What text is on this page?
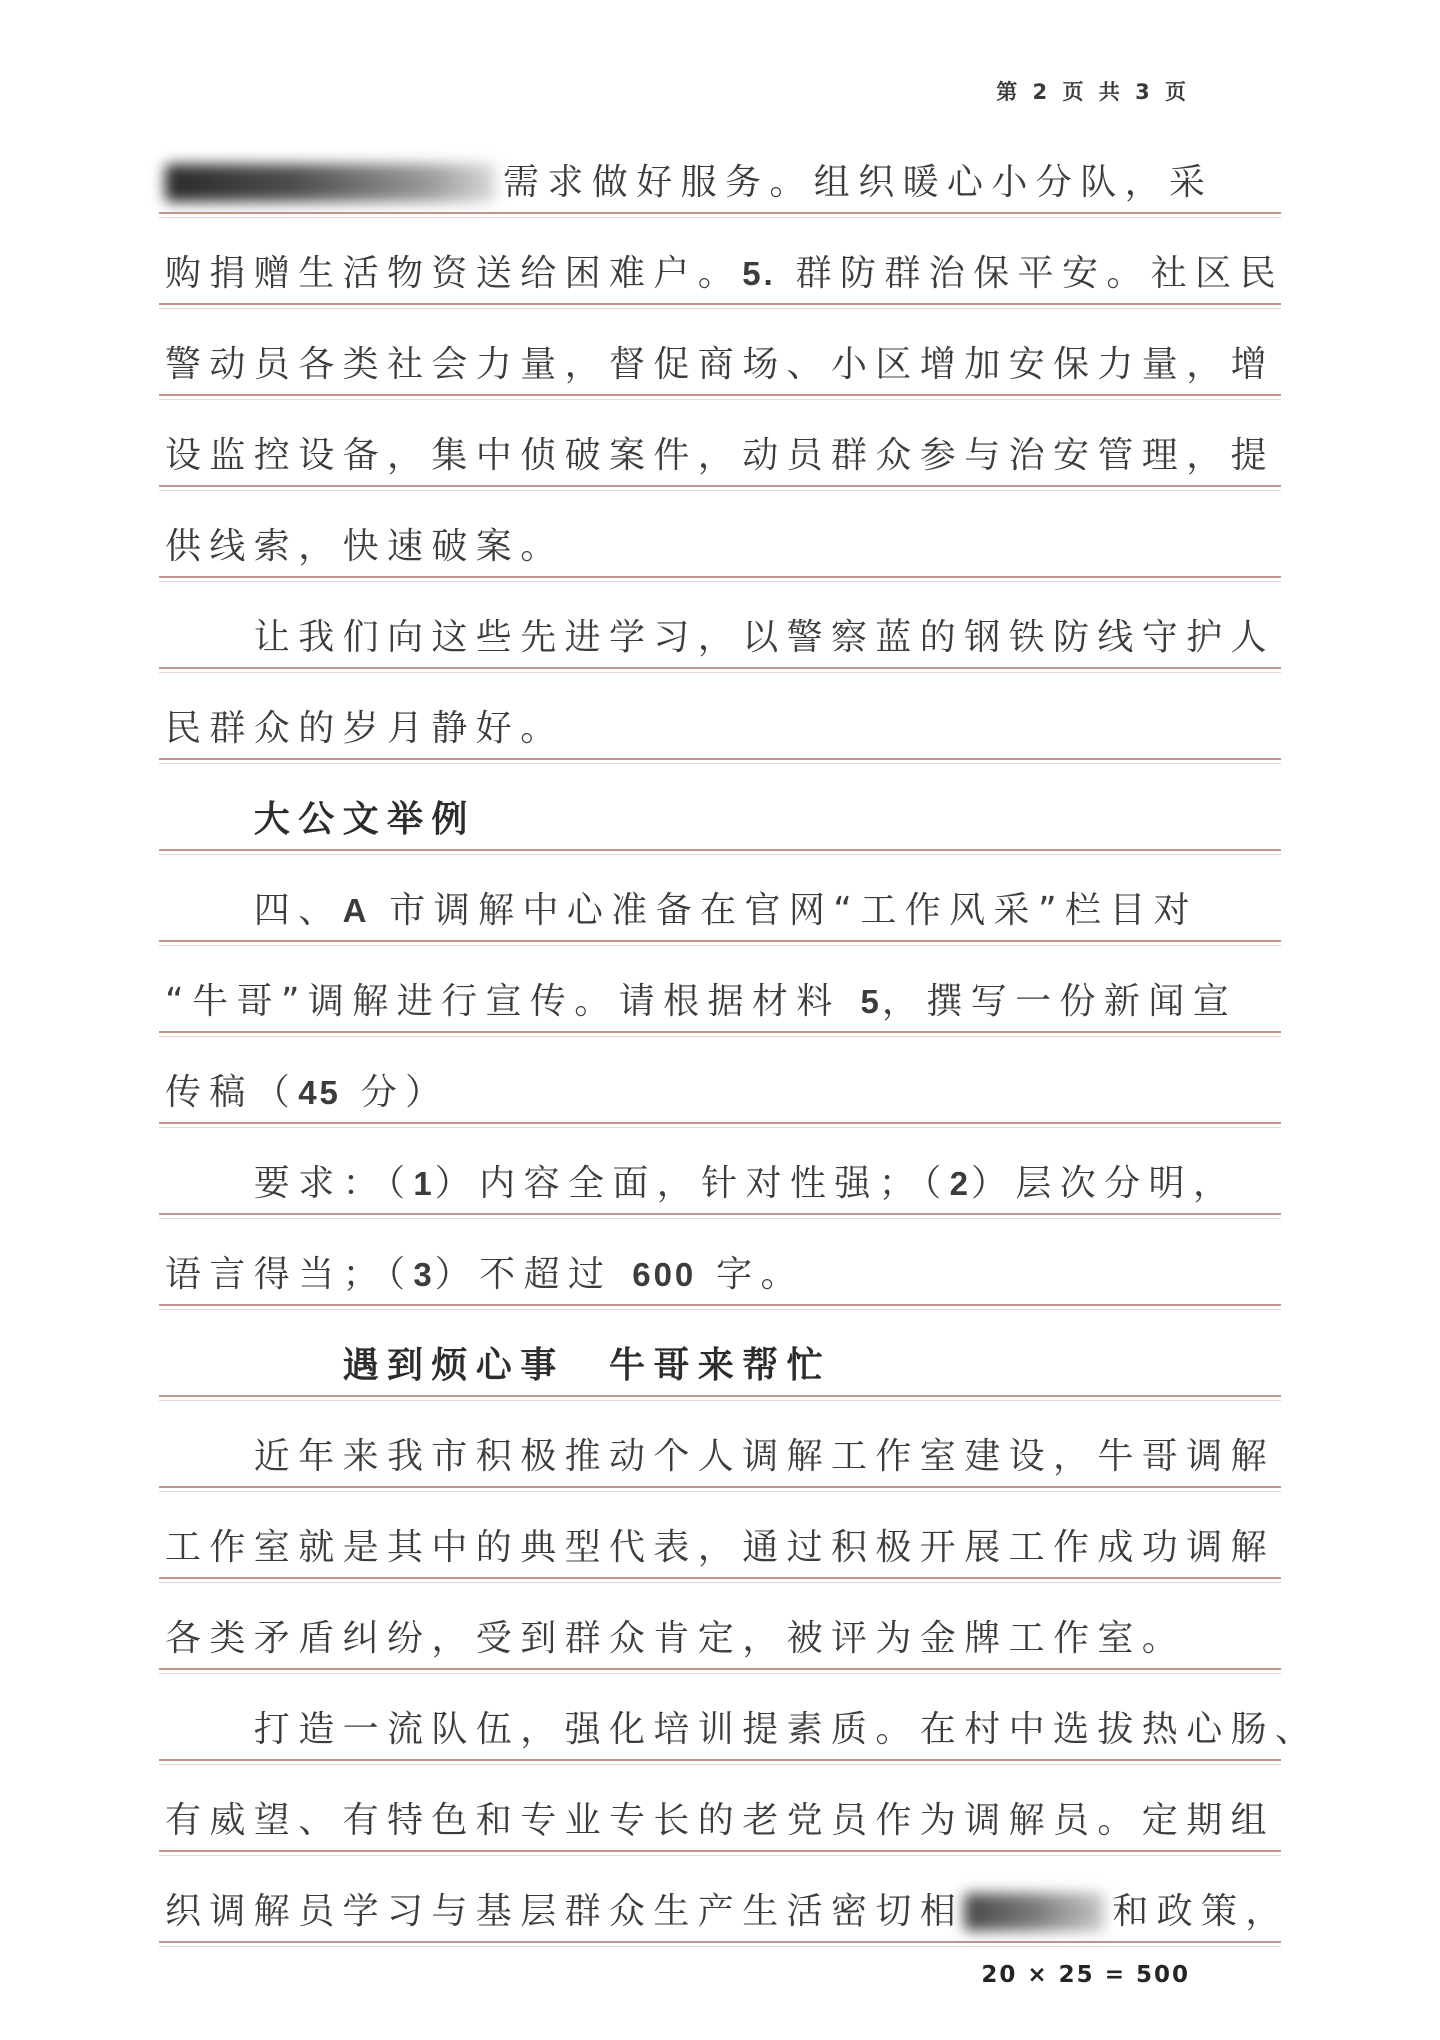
第 2 页 共 3 页
需求做好服务。组织暖心小分队，采
购捐赠生活物资送给困难户。5. 群防群治保平安。社区民
警动员各类社会力量，督促商场、小区增加安保力量，增
设监控设备，集中侦破案件，动员群众参与治安管理，提
供线索，快速破案。
让我们向这些先进学习，以警察蓝的钢铁防线守护人
民群众的岁月静好。
大公文举例
四、A 市调解中心准备在官网“工作风采”栏目对
“牛哥”调解进行宣传。请根据材料 5，撰写一份新闻宣
传稿（45 分）
要求：（1）内容全面，针对性强；（2）层次分明，
语言得当；（3）不超过 600 字。
遇到烦心事　牛哥来帮忙
近年来我市积极推动个人调解工作室建设，牛哥调解
工作室就是其中的典型代表，通过积极开展工作成功调解
各类矛盾纠纷，受到群众肯定，被评为金牌工作室。
打造一流队伍，强化培训提素质。在村中选拔热心肠、
有威望、有特色和专业专长的老党员作为调解员。定期组
织调解员学习与基层群众生产生活密切相	和政策，
20 × 25 = 500
